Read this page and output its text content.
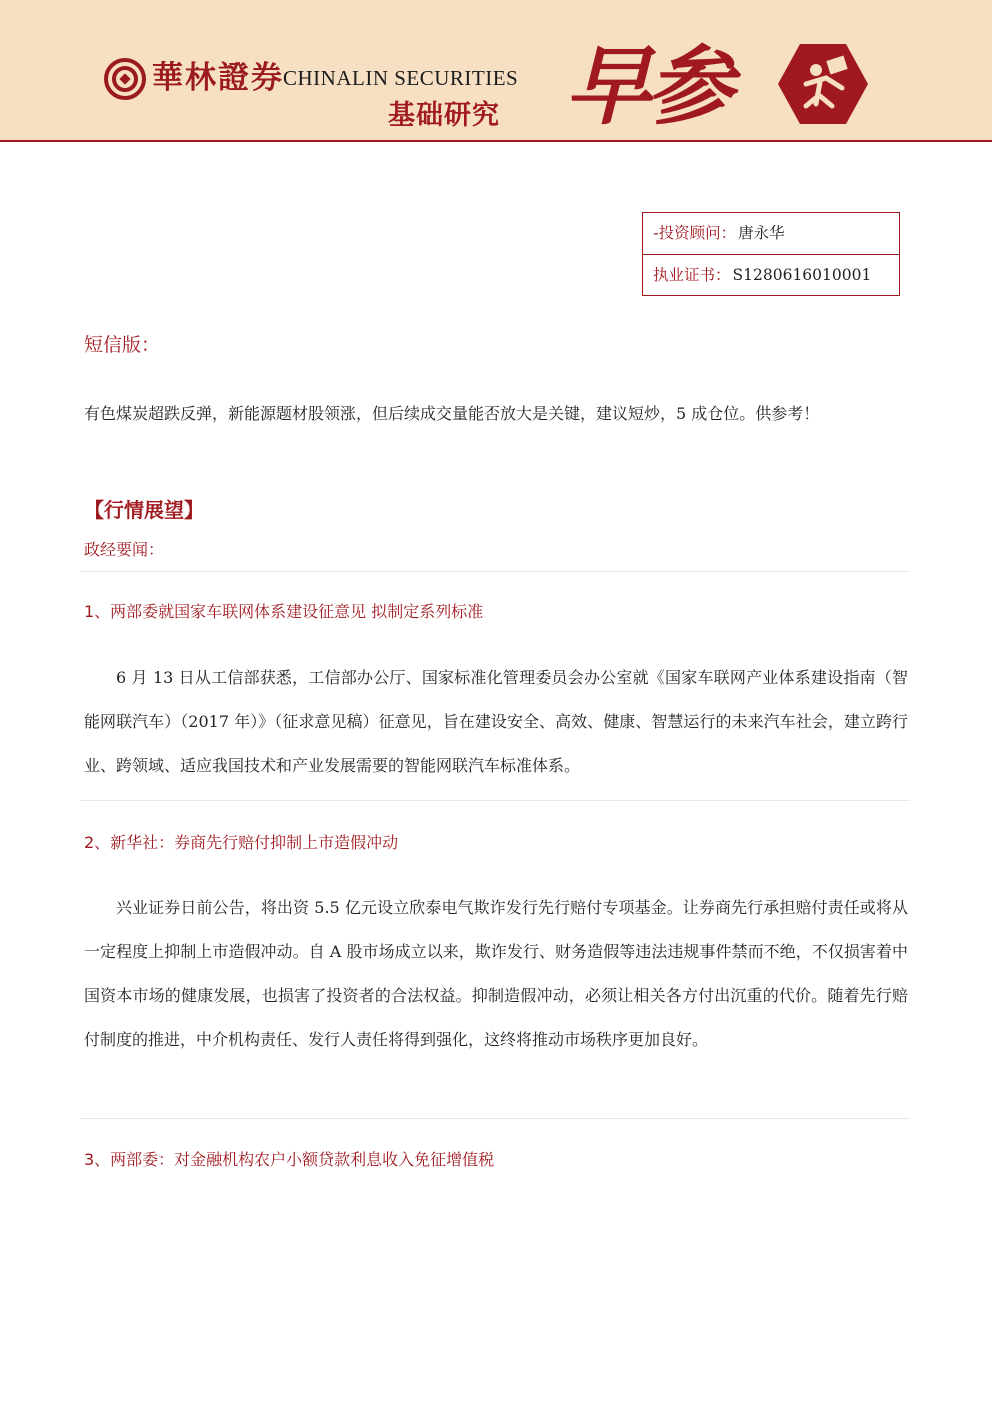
華林證券 CHINALIN SECURITIES
基础研究 早参
-投资顾问： 唐永华
执业证书： S1280616010001
短信版：
有色煤炭超跌反弹，新能源题材股领涨，但后续成交量能否放大是关键，建议短炒，5 成仓位。供参考！
【行情展望】
政经要闻：
1、两部委就国家车联网体系建设征意见 拟制定系列标准
6 月 13 日从工信部获悉，工信部办公厅、国家标准化管理委员会办公室就《国家车联网产业体系建设指南（智能网联汽车）（2017 年）》（征求意见稿）征意见，旨在建设安全、高效、健康、智慧运行的未来汽车社会，建立跨行业、跨领域、适应我国技术和产业发展需要的智能网联汽车标准体系。
2、新华社：券商先行赔付抑制上市造假冲动
兴业证券日前公告，将出资 5.5 亿元设立欣泰电气欺诈发行先行赔付专项基金。让券商先行承担赔付责任或将从一定程度上抑制上市造假冲动。自 A 股市场成立以来，欺诈发行、财务造假等违法违规事件禁而不绝，不仅损害着中国资本市场的健康发展，也损害了投资者的合法权益。抑制造假冲动，必须让相关各方付出沉重的代价。随着先行赔付制度的推进，中介机构责任、发行人责任将得到强化，这终将推动市场秩序更加良好。
3、两部委：对金融机构农户小额贷款利息收入免征增值税
